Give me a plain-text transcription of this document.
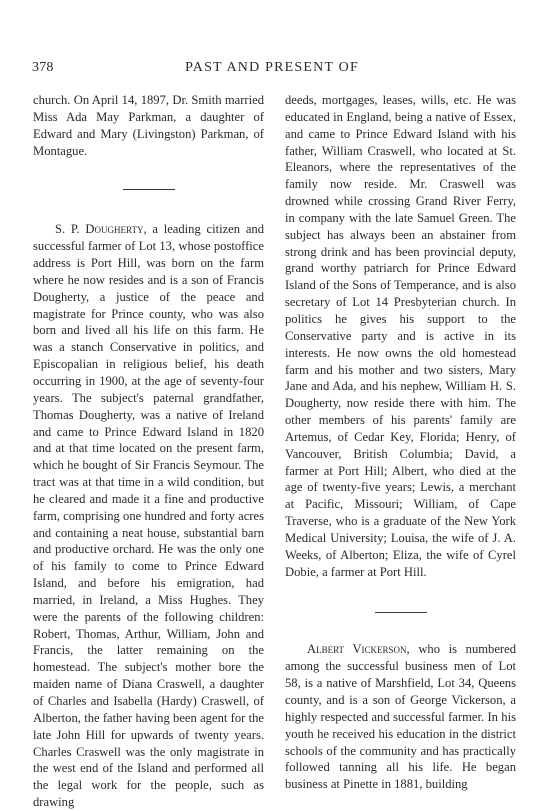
378	PAST AND PRESENT OF

church. On April 14, 1897, Dr. Smith married Miss Ada May Parkman, a daughter of Edward and Mary (Livingston) Parkman, of Montague.

S. P. Dougherty, a leading citizen and successful farmer of Lot 13, whose postoffice address is Port Hill, was born on the farm where he now resides and is a son of Francis Dougherty, a justice of the peace and magistrate for Prince county, who was also born and lived all his life on this farm. He was a stanch Conservative in politics, and Episcopalian in religious belief, his death occurring in 1900, at the age of seventy-four years. The subject's paternal grandfather, Thomas Dougherty, was a native of Ireland and came to Prince Edward Island in 1820 and at that time located on the present farm, which he bought of Sir Francis Seymour. The tract was at that time in a wild condition, but he cleared and made it a fine and productive farm, comprising one hundred and forty acres and containing a neat house, substantial barn and productive orchard. He was the only one of his family to come to Prince Edward Island, and before his emigration, had married, in Ireland, a Miss Hughes. They were the parents of the following children: Robert, Thomas, Arthur, William, John and Francis, the latter remaining on the homestead. The subject's mother bore the maiden name of Diana Craswell, a daughter of Charles and Isabella (Hardy) Craswell, of Alberton, the father having been agent for the late John Hill for upwards of twenty years. Charles Craswell was the only magistrate in the west end of the Island and performed all the legal work for the people, such as drawing

deeds, mortgages, leases, wills, etc. He was educated in England, being a native of Essex, and came to Prince Edward Island with his father, William Craswell, who located at St. Eleanors, where the representatives of the family now reside. Mr. Craswell was drowned while crossing Grand River Ferry, in company with the late Samuel Green. The subject has always been an abstainer from strong drink and has been provincial deputy, grand worthy patriarch for Prince Edward Island of the Sons of Temperance, and is also secretary of Lot 14 Presbyterian church. In politics he gives his support to the Conservative party and is active in its interests. He now owns the old homestead farm and his mother and two sisters, Mary Jane and Ada, and his nephew, William H. S. Dougherty, now reside there with him. The other members of his parents' family are Artemus, of Cedar Key, Florida; Henry, of Vancouver, British Columbia; David, a farmer at Port Hill; Albert, who died at the age of twenty-five years; Lewis, a merchant at Pacific, Missouri; William, of Cape Traverse, who is a graduate of the New York Medical University; Louisa, the wife of J. A. Weeks, of Alberton; Eliza, the wife of Cyrel Dobie, a farmer at Port Hill.

Albert Vickerson, who is numbered among the successful business men of Lot 58, is a native of Marshfield, Lot 34, Queens county, and is a son of George Vickerson, a highly respected and successful farmer. In his youth he received his education in the district schools of the community and has practically followed tanning all his life. He began business at Pinette in 1881, building
